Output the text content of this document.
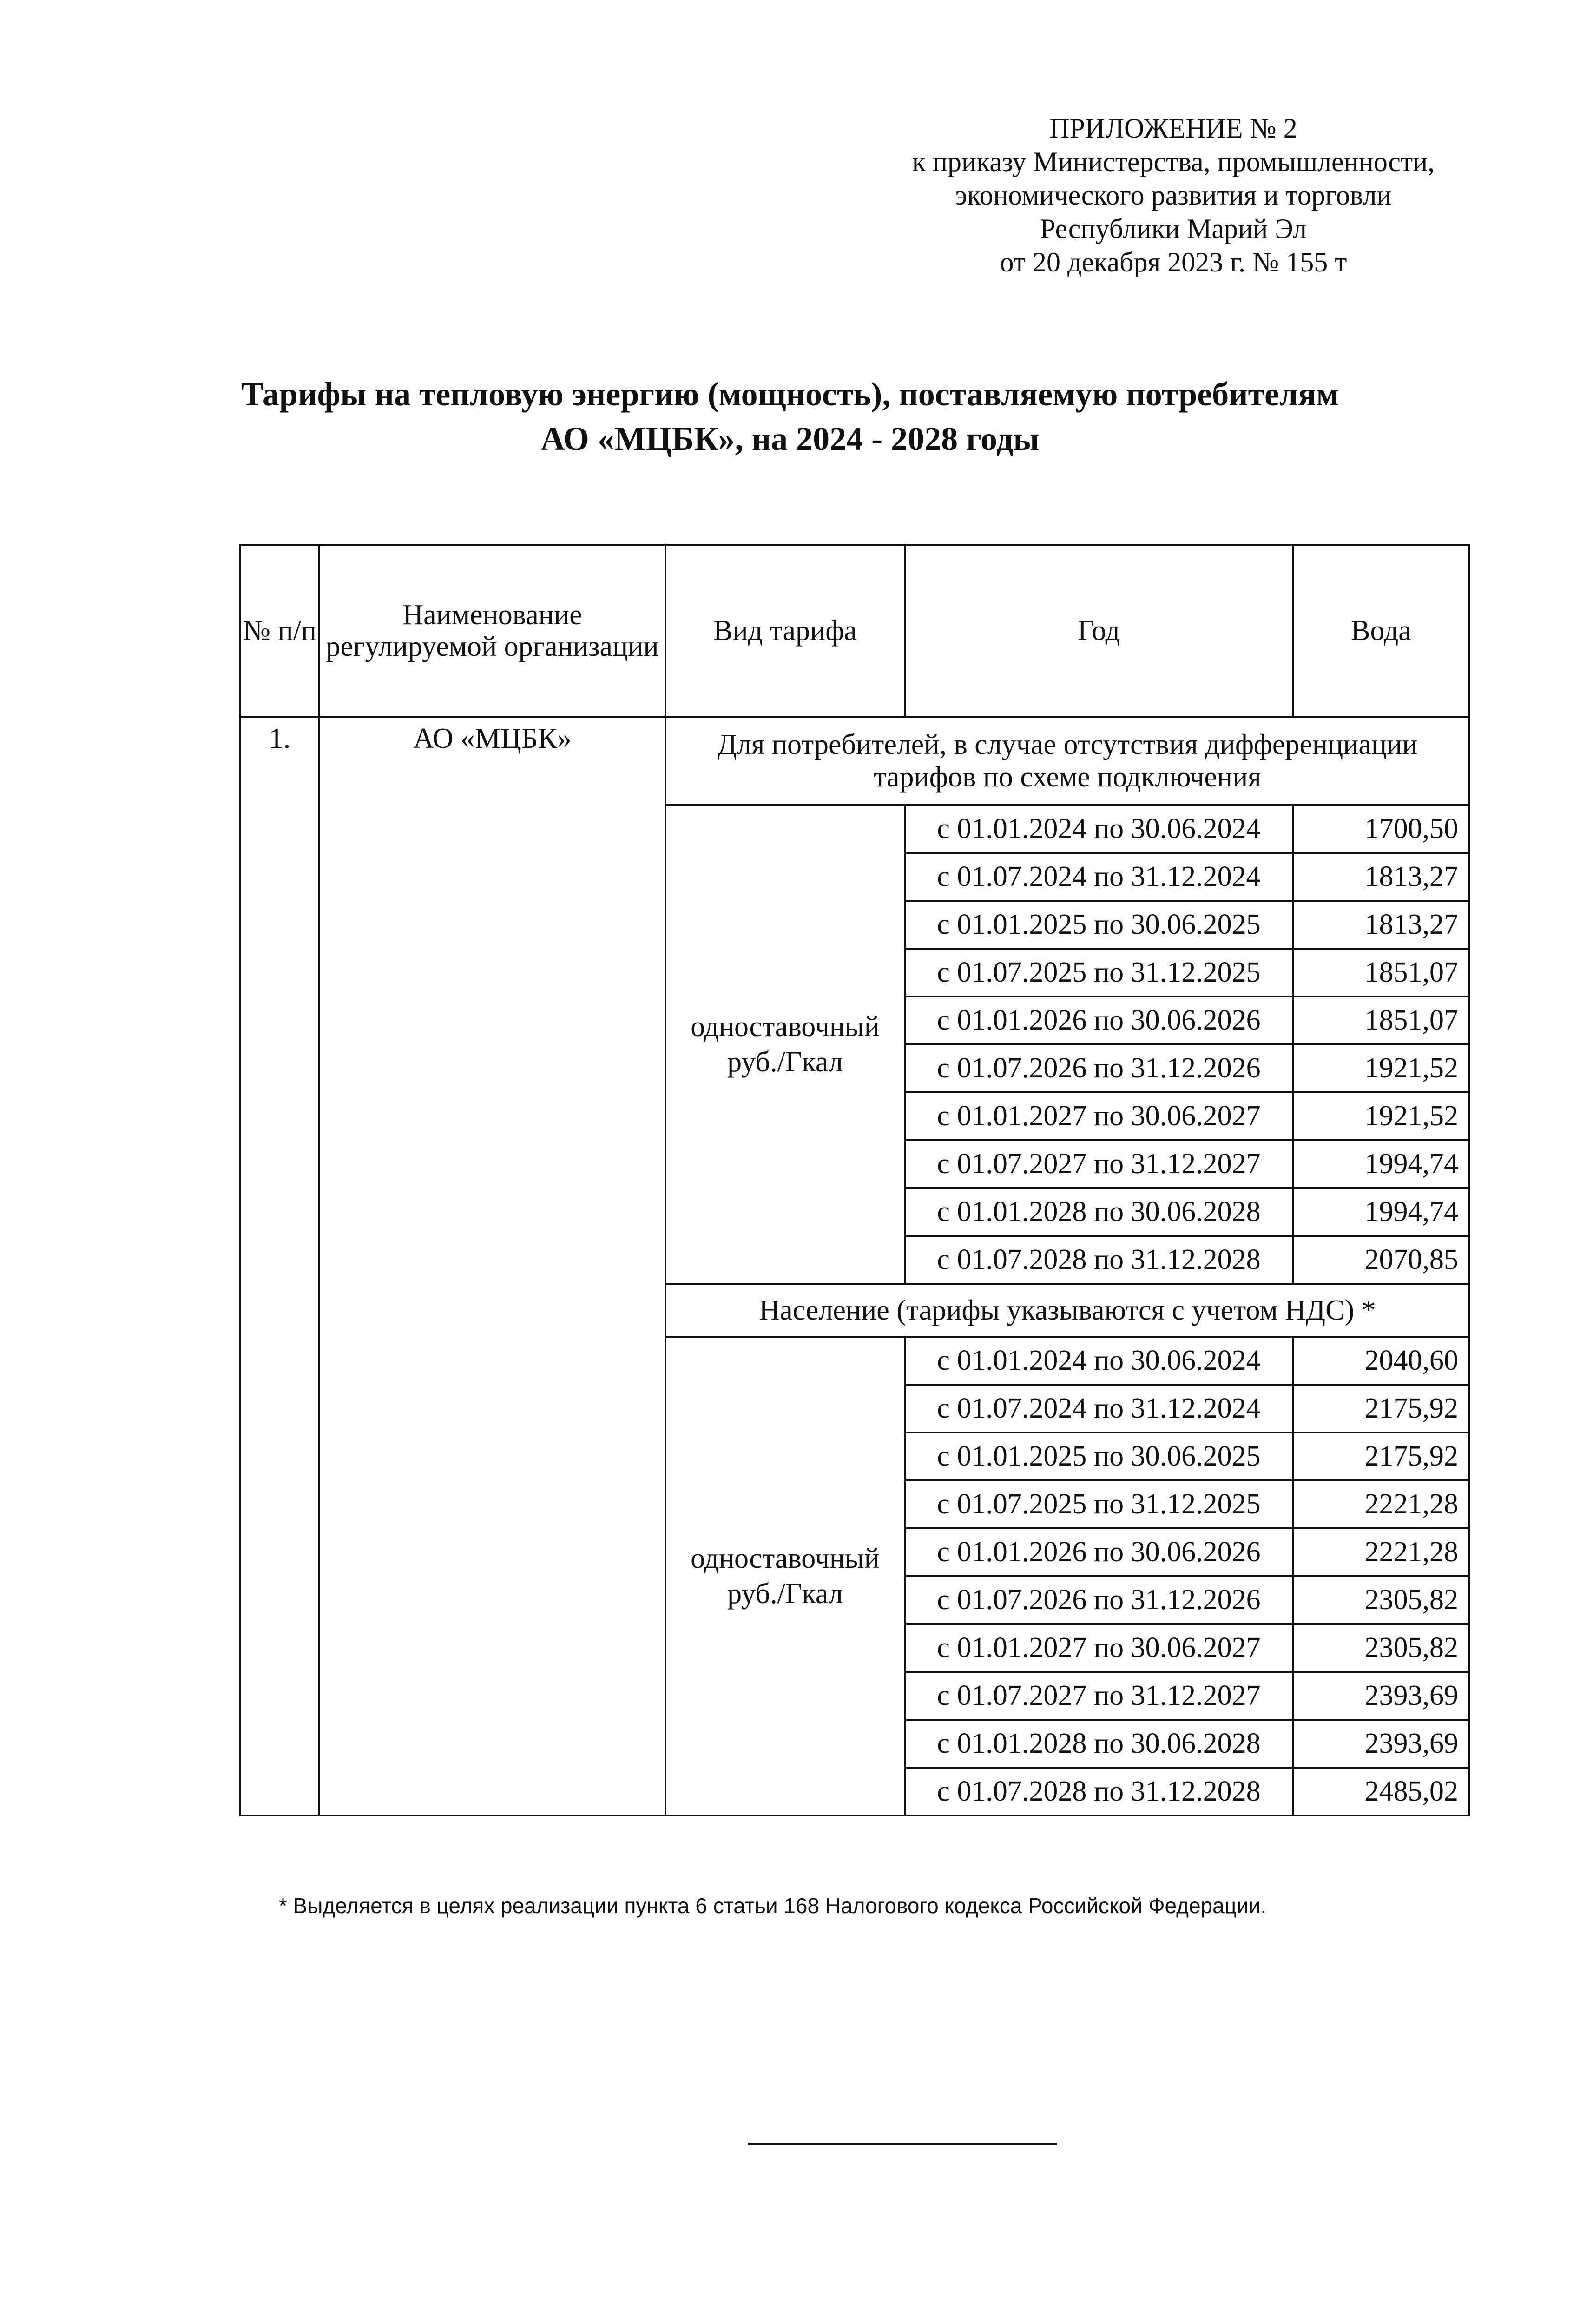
ПРИЛОЖЕНИЕ № 2
к приказу Министерства, промышленности,
экономического развития и торговли
Республики Марий Эл
от 20 декабря 2023 г. № 155 т
Тарифы на тепловую энергию (мощность), поставляемую потребителям
АО «МЦБК», на 2024 - 2028 годы
№ п/п	Наименование регулируемой организации	Вид тарифа	Год	Вода
1.	АО «МЦБК»	Для потребителей, в случае отсутствия дифференциации тарифов по схеме подключения		
		одноставочный руб./Гкал	с 01.01.2024 по 30.06.2024	1700,50
			с 01.07.2024 по 31.12.2024	1813,27
			с 01.01.2025 по 30.06.2025	1813,27
			с 01.07.2025 по 31.12.2025	1851,07
			с 01.01.2026 по 30.06.2026	1851,07
			с 01.07.2026 по 31.12.2026	1921,52
			с 01.01.2027 по 30.06.2027	1921,52
			с 01.07.2027 по 31.12.2027	1994,74
			с 01.01.2028 по 30.06.2028	1994,74
			с 01.07.2028 по 31.12.2028	2070,85
		Население (тарифы указываются с учетом НДС) *		
		одноставочный руб./Гкал	с 01.01.2024 по 30.06.2024	2040,60
			с 01.07.2024 по 31.12.2024	2175,92
			с 01.01.2025 по 30.06.2025	2175,92
			с 01.07.2025 по 31.12.2025	2221,28
			с 01.01.2026 по 30.06.2026	2221,28
			с 01.07.2026 по 31.12.2026	2305,82
			с 01.01.2027 по 30.06.2027	2305,82
			с 01.07.2027 по 31.12.2027	2393,69
			с 01.01.2028 по 30.06.2028	2393,69
			с 01.07.2028 по 31.12.2028	2485,02
* Выделяется в целях реализации пункта 6 статьи 168 Налогового кодекса Российской Федерации.
